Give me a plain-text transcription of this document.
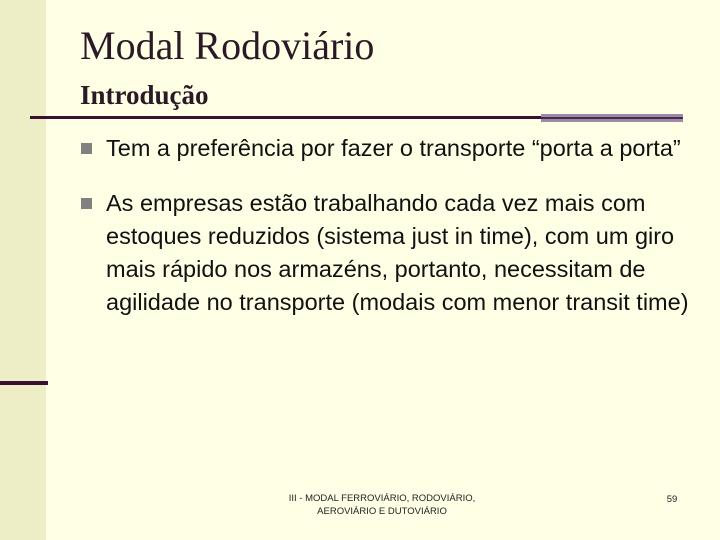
Modal Rodoviário
Introdução
Tem a preferência por fazer o transporte “porta a porta”
As empresas estão trabalhando cada vez mais com estoques reduzidos (sistema just in time), com um giro mais rápido nos armazéns, portanto, necessitam de agilidade no transporte (modais com menor transit time)
III - MODAL FERROVIÁRIO, RODOVIÁRIO,
AEROVIÁRIO E DUTOVIÁRIO
59
